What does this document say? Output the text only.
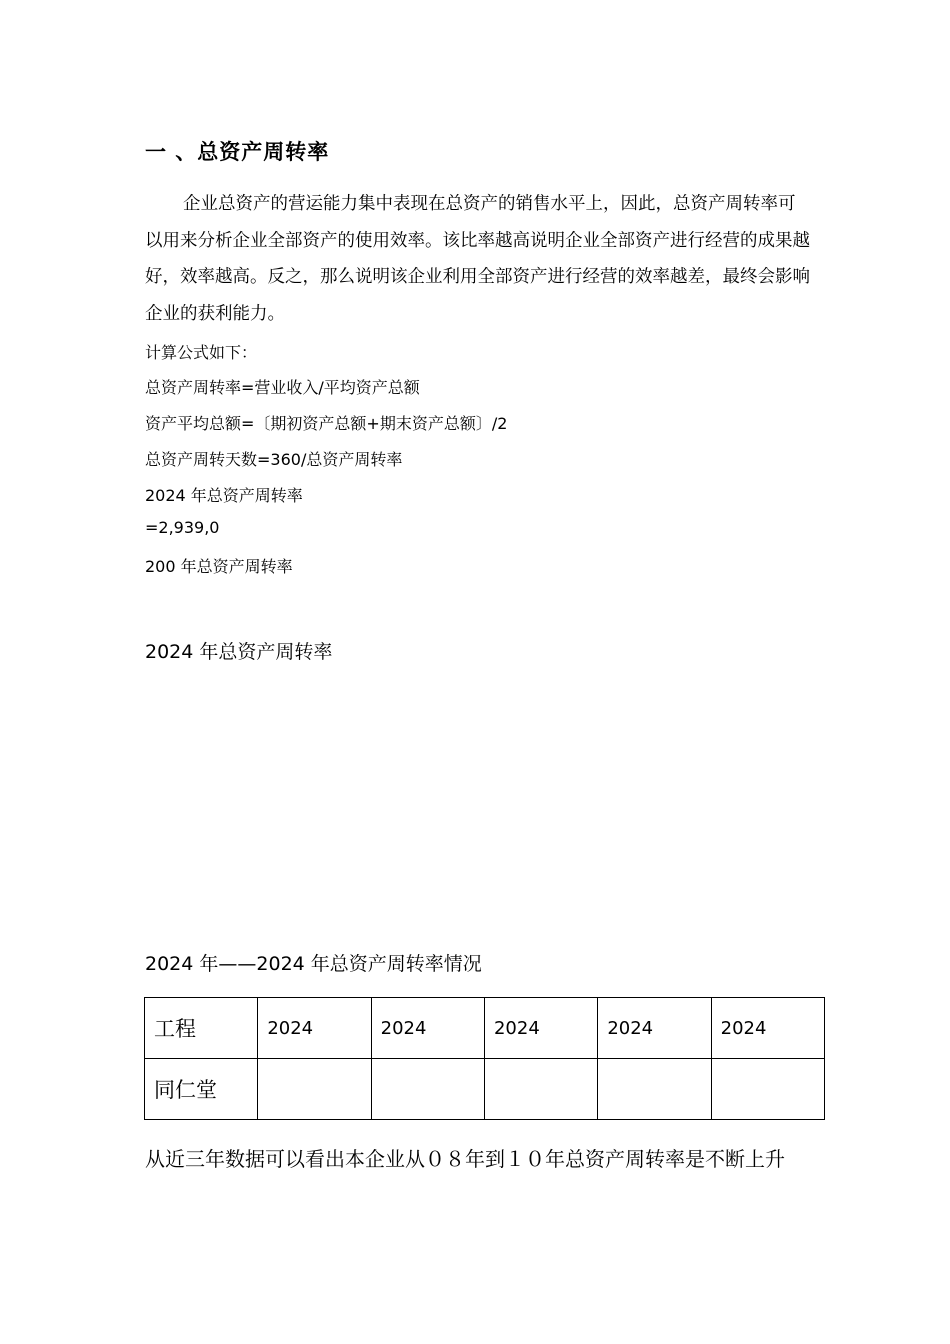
一 、总资产周转率

企业总资产的营运能力集中表现在总资产的销售水平上，因此，总资产周转率可以用来分析企业全部资产的使用效率。该比率越高说明企业全部资产进行经营的成果越好，效率越高。反之，那么说明该企业利用全部资产进行经营的效率越差，最终会影响企业的获利能力。

计算公式如下：
总资产周转率=营业收入/平均资产总额
资产平均总额=〔期初资产总额+期末资产总额〕/2
总资产周转天数=360/总资产周转率
2024 年总资产周转率
=2,939,0
200 年总资产周转率
2024 年总资产周转率
2024 年——2024 年总资产周转率情况
工程	2024	2024	2024	2024	2024
同仁堂					
从近三年数据可以看出本企业从０８年到１０年总资产周转率是不断上升
